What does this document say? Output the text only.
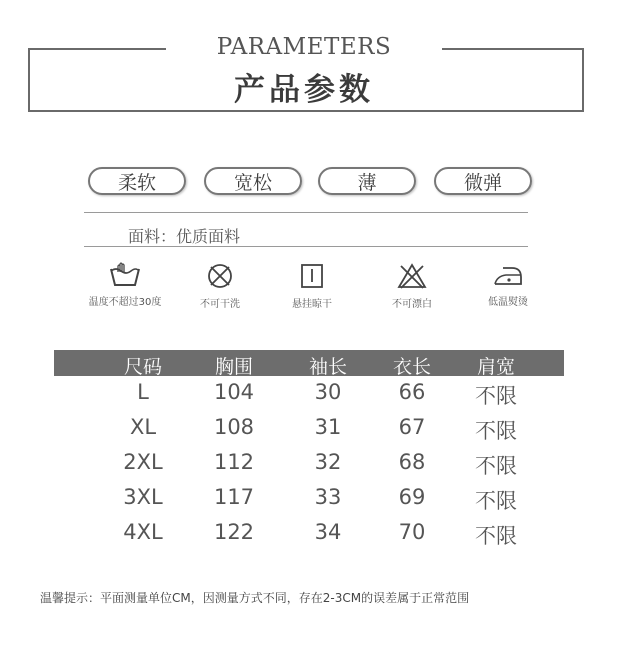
PARAMETERS
产品参数
柔软	宽松	薄	微弹
面料：优质面料
温度不超过30度	不可干洗	悬挂晾干	不可漂白	低温熨烫
尺码	胸围	袖长	衣长	肩宽
L	104	30	66	不限
XL	108	31	67	不限
2XL	112	32	68	不限
3XL	117	33	69	不限
4XL	122	34	70	不限
温馨提示：平面测量单位CM，因测量方式不同，存在2-3CM的误差属于正常范围
